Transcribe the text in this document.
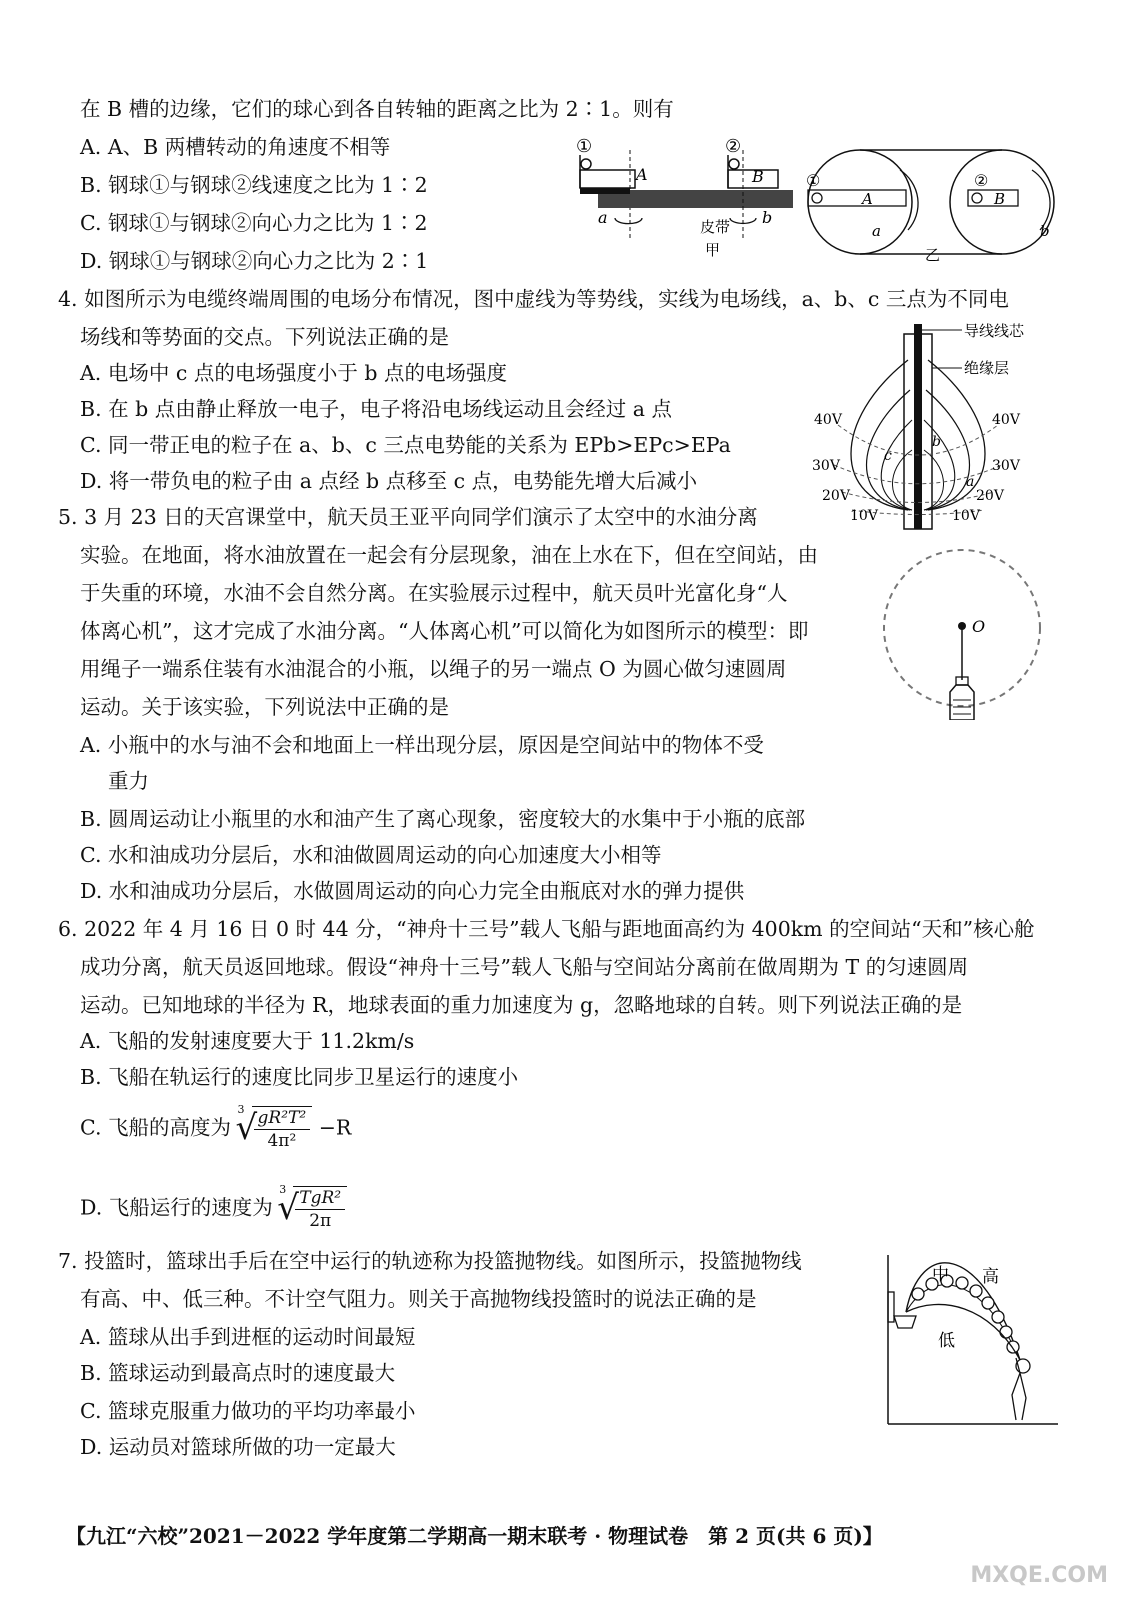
在 B 槽的边缘，它们的球心到各自转轴的距离之比为 2∶1。则有
A. A、B 两槽转动的角速度不相等
B. 钢球①与钢球②线速度之比为 1∶2
C. 钢球①与钢球②向心力之比为 1∶2
D. 钢球①与钢球②向心力之比为 2∶1
①
A
a	皮带
甲
②
B
b
①
A
a
②
B
b
乙
4. 如图所示为电缆终端周围的电场分布情况，图中虚线为等势线，实线为电场线，a、b、c 三点为不同电
场线和等势面的交点。下列说法正确的是
A. 电场中 c 点的电场强度小于 b 点的电场强度
B. 在 b 点由静止释放一电子，电子将沿电场线运动且会经过 a 点
C. 同一带正电的粒子在 a、b、c 三点电势能的关系为 EPb>EPc>EPa
D. 将一带负电的粒子由 a 点经 b 点移至 c 点，电势能先增大后减小
导线线芯
绝缘层
40V	40V
30V	30V
20V	20V
10V	10V
c
b
a
5. 3 月 23 日的天宫课堂中，航天员王亚平向同学们演示了太空中的水油分离
实验。在地面，将水油放置在一起会有分层现象，油在上水在下，但在空间站，由
于失重的环境，水油不会自然分离。在实验展示过程中，航天员叶光富化身“人
体离心机”，这才完成了水油分离。“人体离心机”可以简化为如图所示的模型：即
用绳子一端系住装有水油混合的小瓶，以绳子的另一端点 O 为圆心做匀速圆周
运动。关于该实验，下列说法中正确的是
A. 小瓶中的水与油不会和地面上一样出现分层，原因是空间站中的物体不受
重力
B. 圆周运动让小瓶里的水和油产生了离心现象，密度较大的水集中于小瓶的底部
C. 水和油成功分层后，水和油做圆周运动的向心加速度大小相等
D. 水和油成功分层后，水做圆周运动的向心力完全由瓶底对水的弹力提供
O
6. 2022 年 4 月 16 日 0 时 44 分，“神舟十三号”载人飞船与距地面高约为 400km 的空间站“天和”核心舱
成功分离，航天员返回地球。假设“神舟十三号”载人飞船与空间站分离前在做周期为 T 的匀速圆周
运动。已知地球的半径为 R，地球表面的重力加速度为 g，忽略地球的自转。则下列说法正确的是
A. 飞船的发射速度要大于 11.2km/s
B. 飞船在轨运行的速度比同步卫星运行的速度小
C. 飞船的高度为
√ $3 \frac{\text{gR²T²}}{\text{4π²}} -R$
D. 飞船运行的速度为
√ $3 \frac{\text{TgR²}}{2\pi}$
7. 投篮时，篮球出手后在空中运行的轨迹称为投篮抛物线。如图所示，投篮抛物线
有高、中、低三种。不计空气阻力。则关于高抛物线投篮时的说法正确的是
A. 篮球从出手到进框的运动时间最短
B. 篮球运动到最高点时的速度最大
C. 篮球克服重力做功的平均功率最小
D. 运动员对篮球所做的功一定最大
中 高
低
【九江“六校”2021－2022 学年度第二学期高一期末联考 · 物理试卷　第 2 页(共 6 页)】
MXQE.COM
